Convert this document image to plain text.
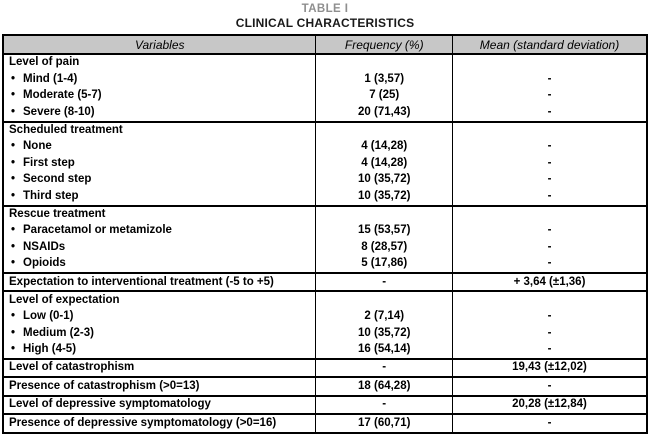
TABLE I
CLINICAL CHARACTERISTICS
Variables	Frequency (%)	Mean (standard deviation)
Level of pain		
• Mind (1-4)	1 (3,57)	-
• Moderate (5-7)	7 (25)	-
• Severe (8-10)	20 (71,43)	-
Scheduled treatment		
• None	4 (14,28)	-
• First step	4 (14,28)	-
• Second step	10 (35,72)	-
• Third step	10 (35,72)	-
Rescue treatment		
• Paracetamol or metamizole	15 (53,57)	-
• NSAIDs	8 (28,57)	-
• Opioids	5 (17,86)	-
Expectation to interventional treatment (-5 to +5)	-	+ 3,64 (±1,36)
Level of expectation		
• Low (0-1)	2 (7,14)	-
• Medium (2-3)	10 (35,72)	-
• High (4-5)	16 (54,14)	-
Level of catastrophism	-	19,43 (±12,02)
Presence of catastrophism (>0=13)	18 (64,28)	-
Level of depressive symptomatology	-	20,28 (±12,84)
Presence of depressive symptomatology (>0=16)	17 (60,71)	-
